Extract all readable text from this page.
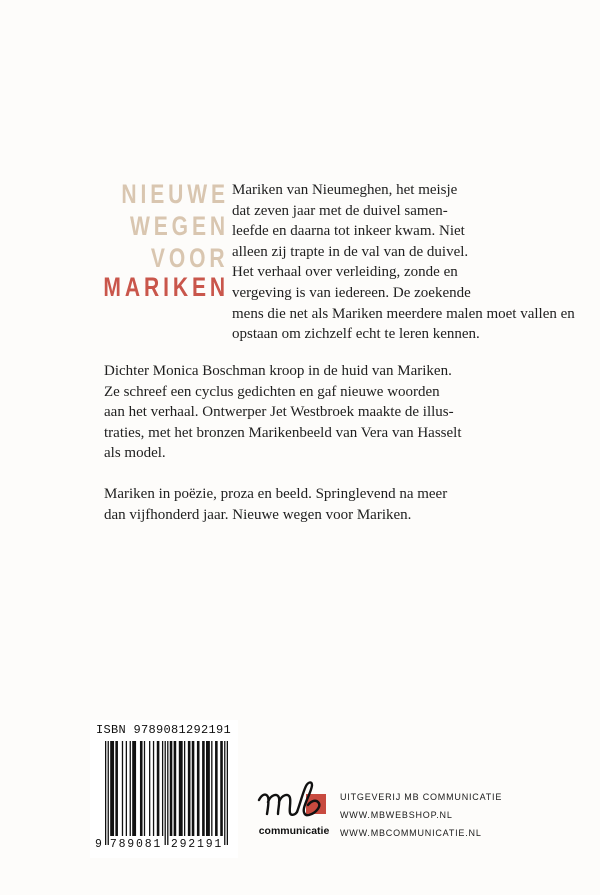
NIEUWE
WEGEN
VOOR
MARIKEN
Mariken van Nieumeghen, het meisje
dat zeven jaar met de duivel samen-
leefde en daarna tot inkeer kwam. Niet
alleen zij trapte in de val van de duivel.
Het verhaal over verleiding, zonde en
vergeving is van iedereen. De zoekende
mens die net als Mariken meerdere malen moet vallen en
opstaan om zichzelf echt te leren kennen.
Dichter Monica Boschman kroop in de huid van Mariken.
Ze schreef een cyclus gedichten en gaf nieuwe woorden
aan het verhaal. Ontwerper Jet Westbroek maakte de illus-
traties, met het bronzen Marikenbeeld van Vera van Hasselt
als model.
Mariken in poëzie, proza en beeld. Springlevend na meer
dan vijfhonderd jaar. Nieuwe wegen voor Mariken.
ISBN 9789081292191
9 789081 292191
communicatie
UITGEVERIJ MB COMMUNICATIE
WWW.MBWEBSHOP.NL
WWW.MBCOMMUNICATIE.NL
